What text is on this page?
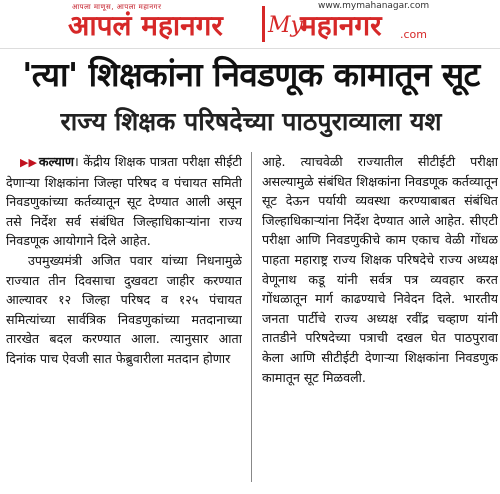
आपला माणूस, आपला महानगर
आपलं महानगर
www.mymahanagar.com
My
महानगर .com
'त्या' शिक्षकांना निवडणूक कामातून सूट
राज्य शिक्षक परिषदेच्या पाठपुराव्याला यश

▶▶ कल्याण। केंद्रीय शिक्षक पात्रता परीक्षा सीईटी देणाऱ्या शिक्षकांना जिल्हा परिषद व पंचायत समिती निवडणुकांच्या कर्तव्यातून सूट देण्यात आली असून तसे निर्देश सर्व संबंधित जिल्हाधिकाऱ्यांना राज्य निवडणूक आयोगाने दिले आहेत.

उपमुख्यमंत्री अजित पवार यांच्या निधनामुळे राज्यात तीन दिवसाचा दुखवटा जाहीर करण्यात आल्यावर १२ जिल्हा परिषद व १२५ पंचायत समित्यांच्या सार्वत्रिक निवडणुकांच्या मतदानाच्या तारखेत बदल करण्यात आला. त्यानुसार आता दिनांक पाच ऐवजी सात फेब्रुवारीला मतदान होणार

आहे. त्याचवेळी राज्यातील सीटीईटी परीक्षा असल्यामुळे संबंधित शिक्षकांना निवडणूक कर्तव्यातून सूट देऊन पर्यायी व्यवस्था करण्याबाबत संबंधित जिल्हाधिकाऱ्यांना निर्देश देण्यात आले आहेत. सीएटी परीक्षा आणि निवडणुकीचे काम एकाच वेळी गोंधळ पाहता महाराष्ट्र राज्य शिक्षक परिषदेचे राज्य अध्यक्ष वेणूनाथ कडू यांनी सर्वत्र पत्र व्यवहार करत गोंधळातून मार्ग काढण्याचे निवेदन दिले. भारतीय जनता पार्टीचे राज्य अध्यक्ष रवींद्र चव्हाण यांनी तातडीने परिषदेच्या पत्राची दखल घेत पाठपुरावा केला आणि सीटीईटी देणाऱ्या शिक्षकांना निवडणुक कामातून सूट मिळवली.
